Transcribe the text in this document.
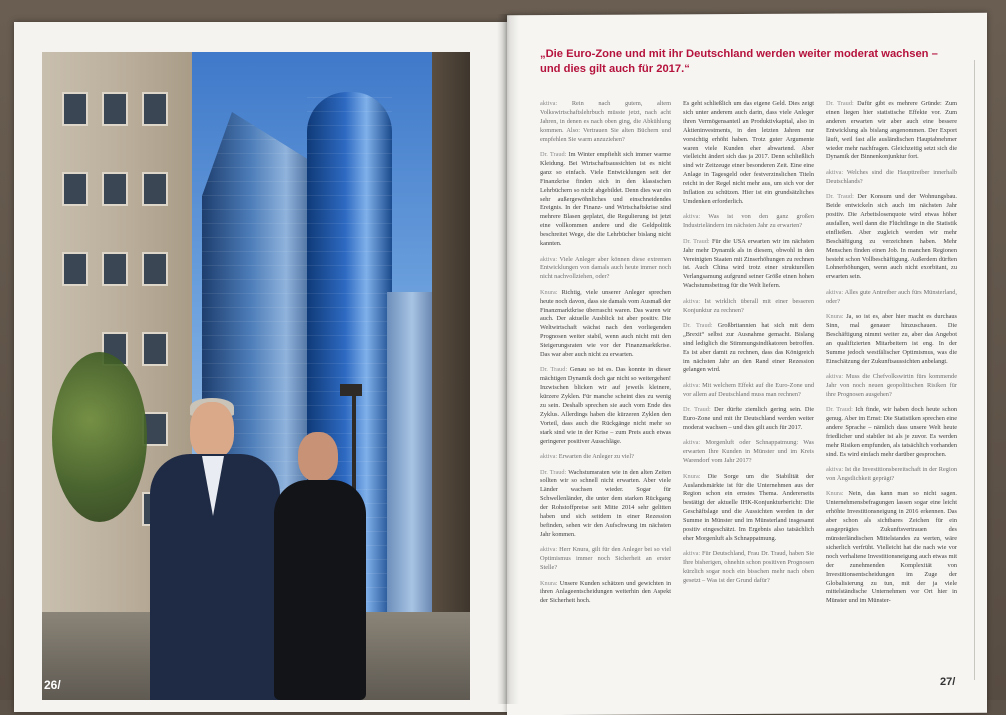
26/
„Die Euro-Zone und mit ihr Deutschland werden weiter moderat wachsen – und dies gilt auch für 2017.“

aktiva: Rein nach gutem, altem Volkswirtschaftslehrbuch müsste jetzt, nach acht Jahren, in denen es nach oben ging, die Abkühlung kommen. Also: Vertrauen Sie alten Büchern und empfehlen Sie warm anzuziehen?

Dr. Traud: Im Winter empfiehlt sich immer warme Kleidung. Bei Wirtschaftsaussichten ist es nicht ganz so einfach. Viele Entwicklungen seit der Finanzkrise finden sich in den klassischen Lehrbüchern so nicht abgebildet. Denn dies war ein sehr außergewöhnliches und einschneidendes Ereignis. In der Finanz- und Wirtschaftskrise sind mehrere Blasen geplatzt, die Regulierung ist jetzt eine vollkommen andere und die Geldpolitik beschreitet Wege, die die Lehrbücher bislang nicht kannten.

aktiva: Viele Anleger aber können diese extremen Entwicklungen von damals auch heute immer noch nicht nachvollziehen, oder?

Knura: Richtig, viele unserer Anleger sprechen heute noch davon, dass sie damals vom Ausmaß der Finanzmarktkrise überrascht waren. Das waren wir auch. Der aktuelle Ausblick ist aber positiv. Die Weltwirtschaft wächst nach den vorliegenden Prognosen weiter stabil, wenn auch nicht mit den Steigerungsraten wie vor der Finanzmarktkrise. Das war aber auch nicht zu erwarten.

Dr. Traud: Genau so ist es. Das konnte in dieser mächtigen Dynamik doch gar nicht so weitergehen! Inzwischen blicken wir auf jeweils kleinere, kürzere Zyklen. Für manche scheint dies zu wenig zu sein. Deshalb sprechen sie auch vom Ende des Zyklus. Allerdings haben die kürzeren Zyklen den Vorteil, dass auch die Rückgänge nicht mehr so stark sind wie in der Krise – zum Preis auch etwas geringerer positiver Ausschläge.

aktiva: Erwarten die Anleger zu viel?

Dr. Traud: Wachstumsraten wie in den alten Zeiten sollten wir so schnell nicht erwarten. Aber viele Länder wachsen wieder. Sogar für Schwellenländer, die unter dem starken Rückgang der Rohstoffpreise seit Mitte 2014 sehr gelitten haben und sich seitdem in einer Rezession befinden, sehen wir den Aufschwung im nächsten Jahr kommen.

aktiva: Herr Knura, gilt für den Anleger bei so viel Optimismus immer noch Sicherheit an erster Stelle?

Knura: Unsere Kunden schätzen und gewichten in ihren Anlageentscheidungen weiterhin den Aspekt der Sicherheit hoch.

Es geht schließlich um das eigene Geld. Dies zeigt sich unter anderem auch darin, dass viele Anleger ihren Vermögensanteil an Produktivkapital, also in Aktieninvestments, in den letzten Jahren nur vorsichtig erhöht haben. Trotz guter Argumente waren viele Kunden eher abwartend. Aber vielleicht ändert sich das ja 2017. Denn schließlich sind wir Zeitzeuge einer besonderen Zeit. Eine eine Anlage in Tagesgeld oder festverzinslichen Titeln reicht in der Regel nicht mehr aus, um sich vor der Inflation zu schützen. Hier ist ein grundsätzliches Umdenken erforderlich.

aktiva: Was ist von den ganz großen Industrieländern im nächsten Jahr zu erwarten?

Dr. Traud: Für die USA erwarten wir im nächsten Jahr mehr Dynamik als in diesem, obwohl in den Vereinigten Staaten mit Zinserhöhungen zu rechnen ist. Auch China wird trotz einer strukturellen Verlangsamung aufgrund seiner Größe einen hohen Wachstumsbeitrag für die Welt liefern.

aktiva: Ist wirklich überall mit einer besseren Konjunktur zu rechnen?

Dr. Traud: Großbritannien hat sich mit dem „Brexit“ selbst zur Ausnahme gemacht. Bislang sind lediglich die Stimmungsindikatoren betroffen. Es ist aber damit zu rechnen, dass das Königreich im nächsten Jahr an den Rand einer Rezession gelangen wird.

aktiva: Mit welchem Effekt auf die Euro-Zone und vor allem auf Deutschland muss man rechnen?

Dr. Traud: Der dürfte ziemlich gering sein. Die Euro-Zone und mit ihr Deutschland werden weiter moderat wachsen – und dies gilt auch für 2017.

aktiva: Morgenluft oder Schnappatmung: Was erwarten Ihre Kunden in Münster und im Kreis Warendorf vom Jahr 2017?

Knura: Die Sorge um die Stabilität der Auslandsmärkte ist für die Unternehmen aus der Region schon ein ernstes Thema. Andererseits bestätigt der aktuelle IHK-Konjunkturbericht: Die Geschäftslage und die Aussichten werden in der Summe in Münster und im Münsterland insgesamt positiv eingeschätzt. Im Ergebnis also tatsächlich eher Morgenluft als Schnappatmung.

aktiva: Für Deutschland, Frau Dr. Traud, haben Sie Ihre bisherigen, ohnehin schon positiven Prognosen kürzlich sogar noch ein bisschen mehr nach oben gesetzt – Was ist der Grund dafür?

Dr. Traud: Dafür gibt es mehrere Gründe: Zum einen liegen hier statistische Effekte vor. Zum anderen erwarten wir aber auch eine bessere Entwicklung als bislang angenommen. Der Export läuft, weil fast alle ausländischen Hauptabnehmer wieder mehr nachfragen. Gleichzeitig setzt sich die Dynamik der Binnenkonjunktur fort.

aktiva: Welches sind die Haupttreiber innerhalb Deutschlands?

Dr. Traud: Der Konsum und der Wohnungsbau. Beide entwickeln sich auch im nächsten Jahr positiv. Die Arbeitslosenquote wird etwas höher ausfallen, weil dann die Flüchtlinge in die Statistik einfließen. Aber zugleich werden wir mehr Beschäftigung zu verzeichnen haben. Mehr Menschen finden einen Job. In manchen Regionen besteht schon Vollbeschäftigung. Außerdem dürften Lohnerhöhungen, wenn auch nicht exorbitant, zu erwarten sein.

aktiva: Alles gute Antreiber auch fürs Münsterland, oder?

Knura: Ja, so ist es, aber hier macht es durchaus Sinn, mal genauer hinzuschauen. Die Beschäftigung nimmt weiter zu, aber das Angebot an qualifizierten Mitarbeitern ist eng. In der Summe jedoch westfälischer Optimismus, was die Einschätzung der Zukunftsaussichten anbelangt.

aktiva: Muss die Chefvolkswirtin fürs kommende Jahr von noch neuen geopolitischen Risiken für ihre Prognosen ausgehen?

Dr. Traud: Ich finde, wir haben doch heute schon genug. Aber im Ernst: Die Statistiken sprechen eine andere Sprache – nämlich dass unsere Welt heute friedlicher und stabiler ist als je zuvor. Es werden mehr Risiken empfunden, als tatsächlich vorhanden sind. Es wird einfach mehr darüber gesprochen.

aktiva: Ist die Investitionsbereitschaft in der Region von Ängstlichkeit geprägt?

Knura: Nein, das kann man so nicht sagen. Unternehmensbefragungen lassen sogar eine leicht erhöhte Investitionsneigung in 2016 erkennen. Das aber schon als sichtbares Zeichen für ein ausgeprägtes Zukunftsvertrauen des münsterländischen Mittelstandes zu werten, wäre sicherlich verfrüht. Vielleicht hat die nach wie vor noch verhaltene Investitionsneigung auch etwas mit der zunehmenden Komplexität von Investitionsentscheidungen im Zuge der Globalisierung zu tun, mit der ja viele mittelständische Unternehmen vor Ort hier in Münster und im Münster-

27/
